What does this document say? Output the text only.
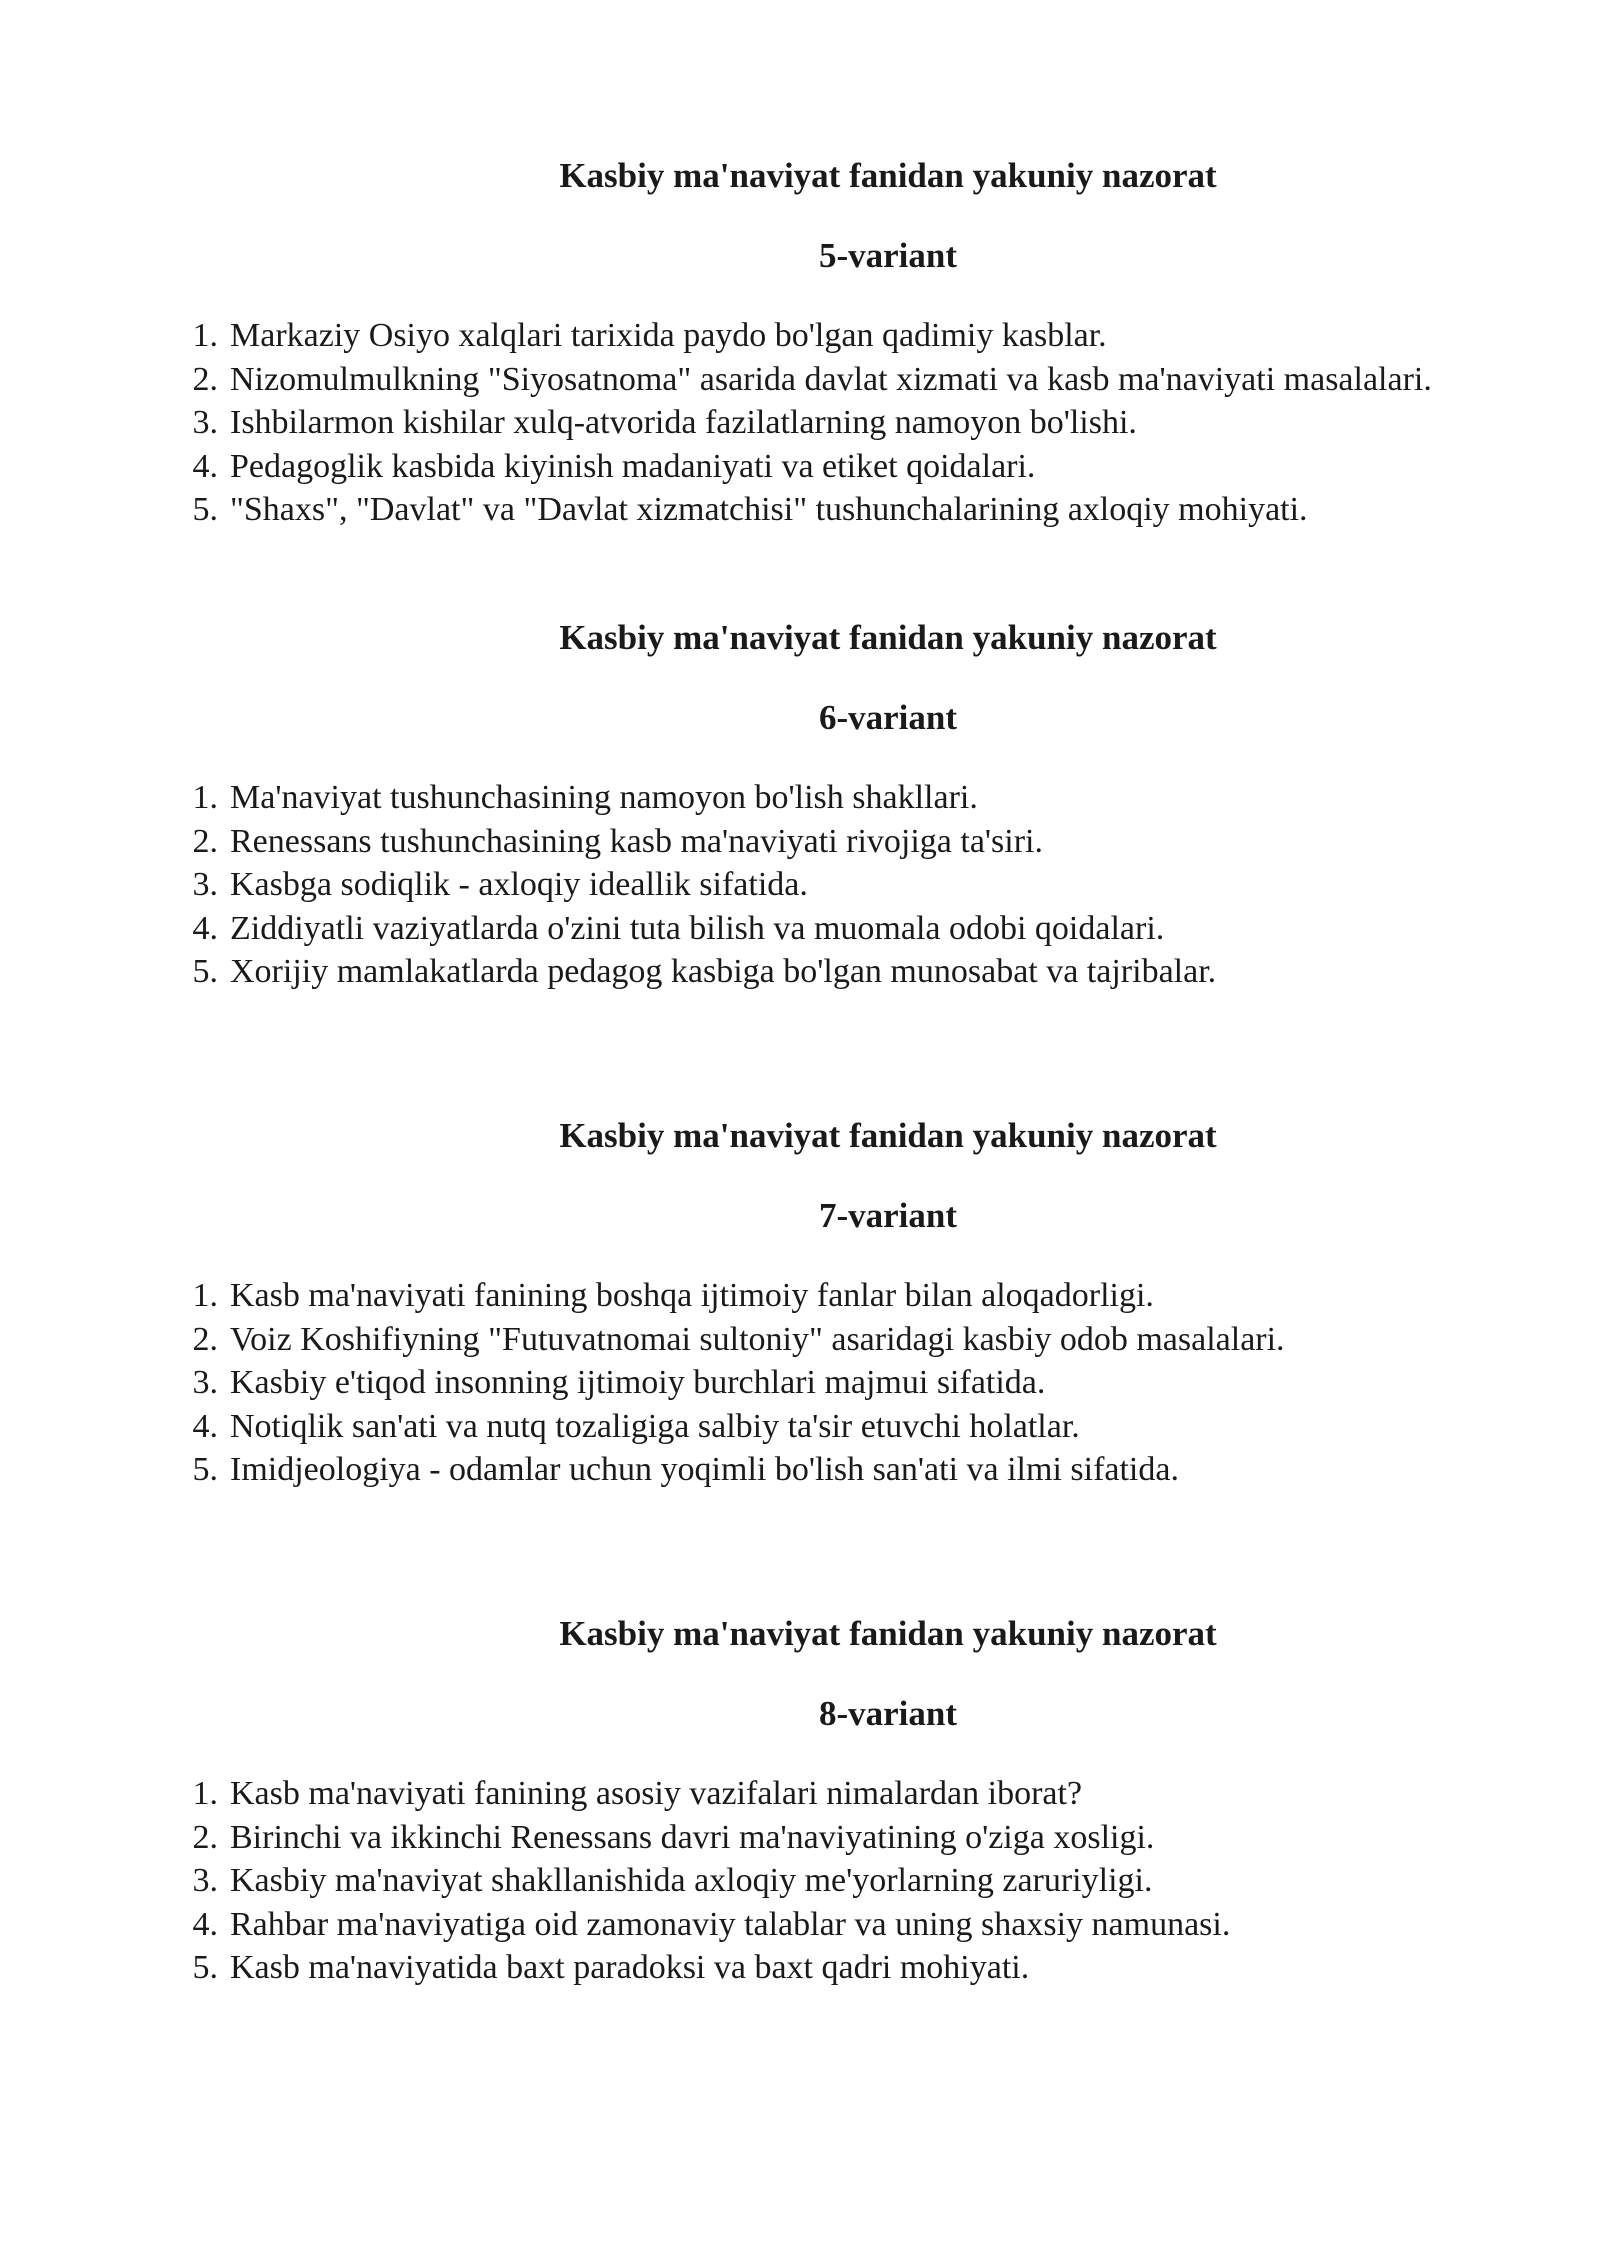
Kasbiy ma'naviyat fanidan yakuniy nazorat
5-variant
1. Markaziy Osiyo xalqlari tarixida paydo bo'lgan qadimiy kasblar.
2. Nizomulmulkning "Siyosatnoma" asarida davlat xizmati va kasb ma'naviyati masalalari.
3. Ishbilarmon kishilar xulq-atvorida fazilatlarning namoyon bo'lishi.
4. Pedagoglik kasbida kiyinish madaniyati va etiket qoidalari.
5. "Shaxs", "Davlat" va "Davlat xizmatchisi" tushunchalarining axloqiy mohiyati.
Kasbiy ma'naviyat fanidan yakuniy nazorat
6-variant
1. Ma'naviyat tushunchasining namoyon bo'lish shakllari.
2. Renessans tushunchasining kasb ma'naviyati rivojiga ta'siri.
3. Kasbga sodiqlik - axloqiy ideallik sifatida.
4. Ziddiyatli vaziyatlarda o'zini tuta bilish va muomala odobi qoidalari.
5. Xorijiy mamlakatlarda pedagog kasbiga bo'lgan munosabat va tajribalar.
Kasbiy ma'naviyat fanidan yakuniy nazorat
7-variant
1. Kasb ma'naviyati fanining boshqa ijtimoiy fanlar bilan aloqadorligi.
2. Voiz Koshifiyning "Futuvatnomai sultoniy" asaridagi kasbiy odob masalalari.
3. Kasbiy e'tiqod insonning ijtimoiy burchlari majmui sifatida.
4. Notiqlik san'ati va nutq tozaligiga salbiy ta'sir etuvchi holatlar.
5. Imidjeologiya - odamlar uchun yoqimli bo'lish san'ati va ilmi sifatida.
Kasbiy ma'naviyat fanidan yakuniy nazorat
8-variant
1. Kasb ma'naviyati fanining asosiy vazifalari nimalardan iborat?
2. Birinchi va ikkinchi Renessans davri ma'naviyatining o'ziga xosligi.
3. Kasbiy ma'naviyat shakllanishida axloqiy me'yorlarning zaruriyligi.
4. Rahbar ma'naviyatiga oid zamonaviy talablar va uning shaxsiy namunasi.
5. Kasb ma'naviyatida baxt paradoksi va baxt qadri mohiyati.
